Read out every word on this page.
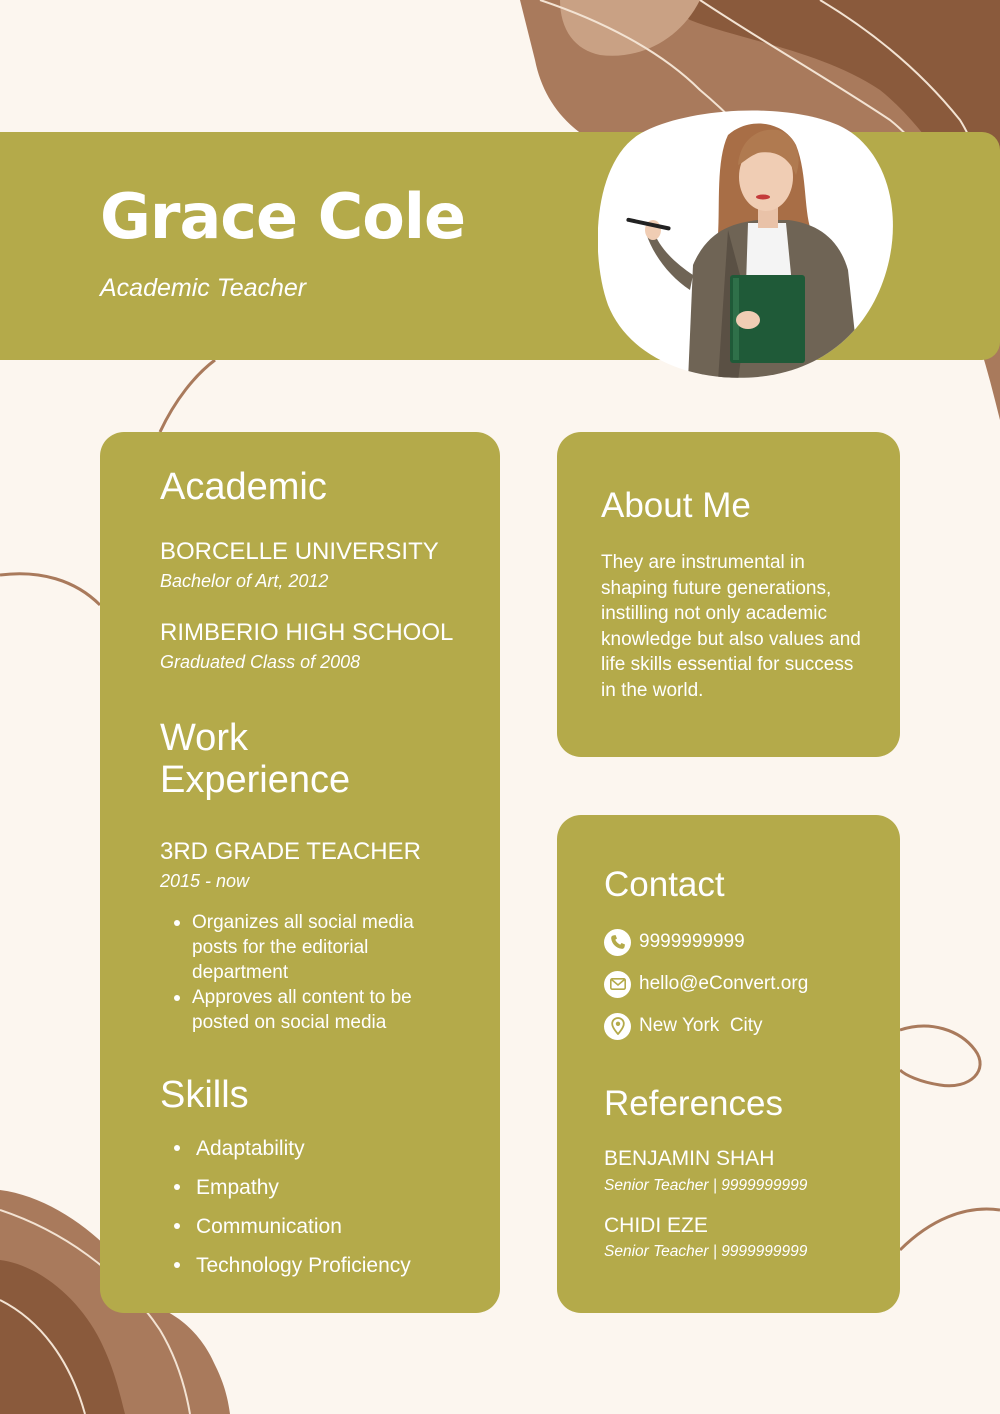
Grace Cole
Academic Teacher
Academic
BORCELLE UNIVERSITY
Bachelor of Art, 2012
RIMBERIO HIGH SCHOOL
Graduated Class of 2008
Work
Experience
3RD GRADE TEACHER
2015 - now
Organizes all social media posts for the editorial department
Approves all content to be posted on social media
Skills
Adaptability
Empathy
Communication
Technology Proficiency
About Me
They are instrumental in shaping future generations, instilling not only academic knowledge but also values and life skills essential for success in the world.
Contact
9999999999
hello@eConvert.org
New York  City
References
BENJAMIN SHAH
Senior Teacher | 9999999999
CHIDI EZE
Senior Teacher | 9999999999
